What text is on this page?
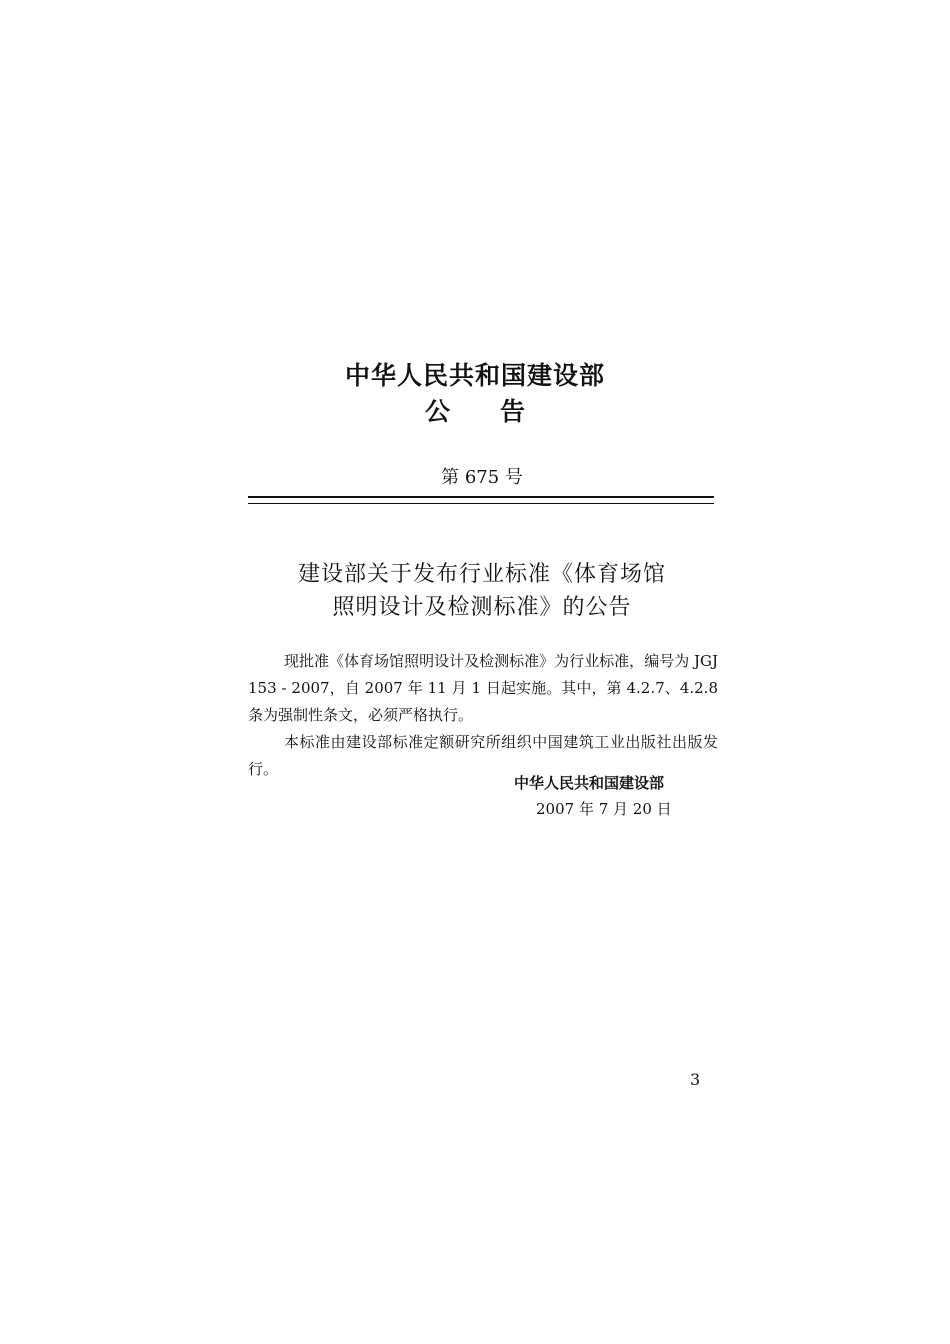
中华人民共和国建设部
公告
第 675 号
建设部关于发布行业标准《体育场馆
照明设计及检测标准》的公告

现批准《体育场馆照明设计及检测标准》为行业标准，编号为 JGJ 153 - 2007，自 2007 年 11 月 1 日起实施。其中，第 4.2.7、4.2.8 条为强制性条文，必须严格执行。

本标准由建设部标准定额研究所组织中国建筑工业出版社出版发行。

中华人民共和国建设部
2007 年 7 月 20 日
3
